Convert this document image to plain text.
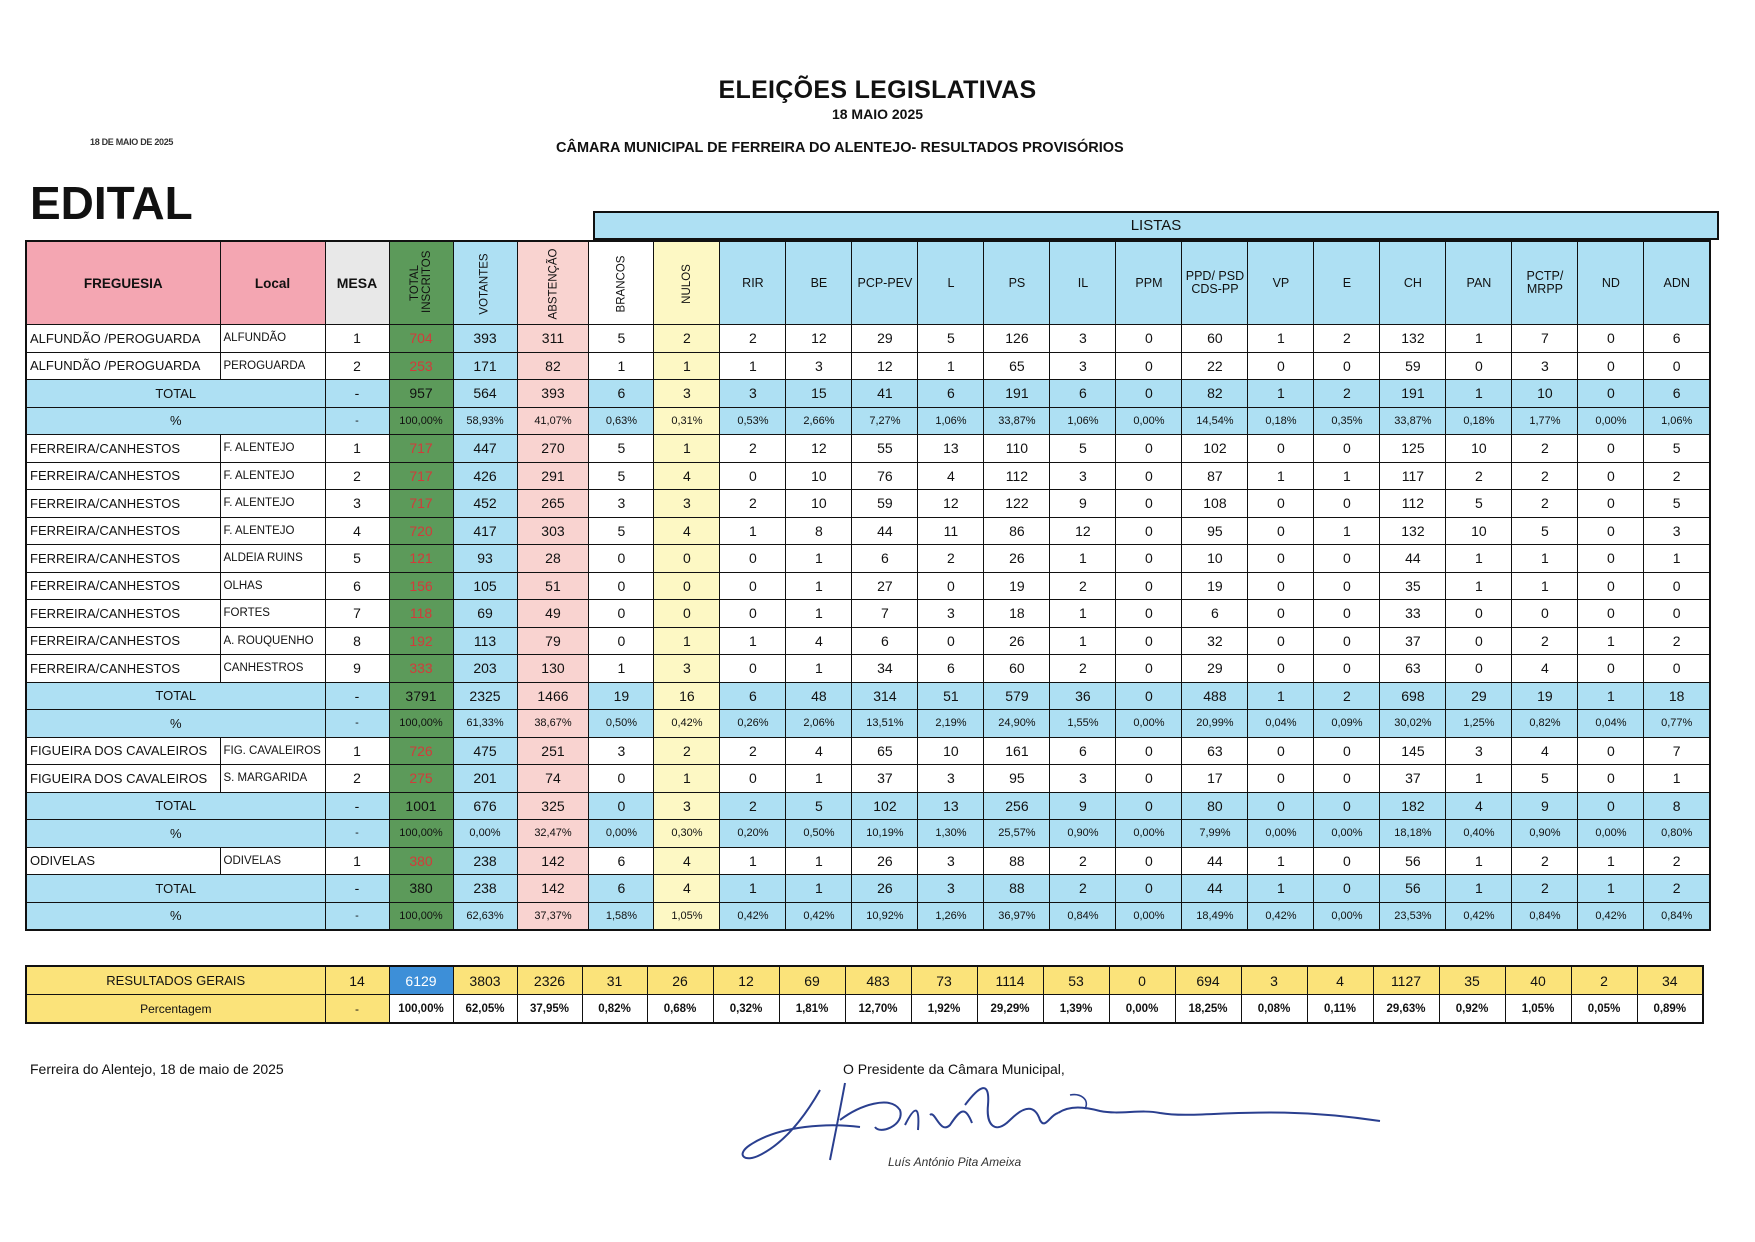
18 DE MAIO DE 2025
ELEIÇÕES LEGISLATIVAS
18 MAIO 2025
CÂMARA MUNICIPAL DE FERREIRA DO ALENTEJO- RESULTADOS PROVISÓRIOS
EDITAL	LISTAS
FREGUESIA	Local	MESA	TOTAL INSCRITOS	VOTANTES	ABSTENÇÃO	BRANCOS	NULOS	RIR	BE	PCP-PEV	L	PS	IL	PPM	PPD/ PSD CDS-PP	VP	E	CH	PAN	PCTP/ MRPP	ND	ADN
ALFUNDÃO /PEROGUARDA	ALFUNDÃO	1	704	393	311	5	2	2	12	29	5	126	3	0	60	1	2	132	1	7	0	6
ALFUNDÃO /PEROGUARDA	PEROGUARDA	2	253	171	82	1	1	1	3	12	1	65	3	0	22	0	0	59	0	3	0	0
TOTAL		-	957	564	393	6	3	3	15	41	6	191	6	0	82	1	2	191	1	10	0	6
%		-	100,00%	58,93%	41,07%	0,63%	0,31%	0,53%	2,66%	7,27%	1,06%	33,87%	1,06%	0,00%	14,54%	0,18%	0,35%	33,87%	0,18%	1,77%	0,00%	1,06%
FERREIRA/CANHESTOS	F. ALENTEJO	1	717	447	270	5	1	2	12	55	13	110	5	0	102	0	0	125	10	2	0	5
FERREIRA/CANHESTOS	F. ALENTEJO	2	717	426	291	5	4	0	10	76	4	112	3	0	87	1	1	117	2	2	0	2
FERREIRA/CANHESTOS	F. ALENTEJO	3	717	452	265	3	3	2	10	59	12	122	9	0	108	0	0	112	5	2	0	5
FERREIRA/CANHESTOS	F. ALENTEJO	4	720	417	303	5	4	1	8	44	11	86	12	0	95	0	1	132	10	5	0	3
FERREIRA/CANHESTOS	ALDEIA RUINS	5	121	93	28	0	0	0	1	6	2	26	1	0	10	0	0	44	1	1	0	1
FERREIRA/CANHESTOS	OLHAS	6	156	105	51	0	0	0	1	27	0	19	2	0	19	0	0	35	1	1	0	0
FERREIRA/CANHESTOS	FORTES	7	118	69	49	0	0	0	1	7	3	18	1	0	6	0	0	33	0	0	0	0
FERREIRA/CANHESTOS	A. ROUQUENHO	8	192	113	79	0	1	1	4	6	0	26	1	0	32	0	0	37	0	2	1	2
FERREIRA/CANHESTOS	CANHESTROS	9	333	203	130	1	3	0	1	34	6	60	2	0	29	0	0	63	0	4	0	0
TOTAL		-	3791	2325	1466	19	16	6	48	314	51	579	36	0	488	1	2	698	29	19	1	18
%		-	100,00%	61,33%	38,67%	0,50%	0,42%	0,26%	2,06%	13,51%	2,19%	24,90%	1,55%	0,00%	20,99%	0,04%	0,09%	30,02%	1,25%	0,82%	0,04%	0,77%
FIGUEIRA DOS CAVALEIROS	FIG. CAVALEIROS	1	726	475	251	3	2	2	4	65	10	161	6	0	63	0	0	145	3	4	0	7
FIGUEIRA DOS CAVALEIROS	S. MARGARIDA	2	275	201	74	0	1	0	1	37	3	95	3	0	17	0	0	37	1	5	0	1
TOTAL		-	1001	676	325	0	3	2	5	102	13	256	9	0	80	0	0	182	4	9	0	8
%		-	100,00%	0,00%	32,47%	0,00%	0,30%	0,20%	0,50%	10,19%	1,30%	25,57%	0,90%	0,00%	7,99%	0,00%	0,00%	18,18%	0,40%	0,90%	0,00%	0,80%
ODIVELAS	ODIVELAS	1	380	238	142	6	4	1	1	26	3	88	2	0	44	1	0	56	1	2	1	2
TOTAL		-	380	238	142	6	4	1	1	26	3	88	2	0	44	1	0	56	1	2	1	2
%		-	100,00%	62,63%	37,37%	1,58%	1,05%	0,42%	0,42%	10,92%	1,26%	36,97%	0,84%	0,00%	18,49%	0,42%	0,00%	23,53%	0,42%	0,84%	0,42%	0,84%
RESULTADOS GERAIS	14	6129	3803	2326	31	26	12	69	483	73	1114	53	0	694	3	4	1127	35	40	2	34
Percentagem	-	100,00%	62,05%	37,95%	0,82%	0,68%	0,32%	1,81%	12,70%	1,92%	29,29%	1,39%	0,00%	18,25%	0,08%	0,11%	29,63%	0,92%	1,05%	0,05%	0,89%
Ferreira do Alentejo, 18 de maio de 2025	O Presidente da Câmara Municipal,
Luís António Pita Ameixa
